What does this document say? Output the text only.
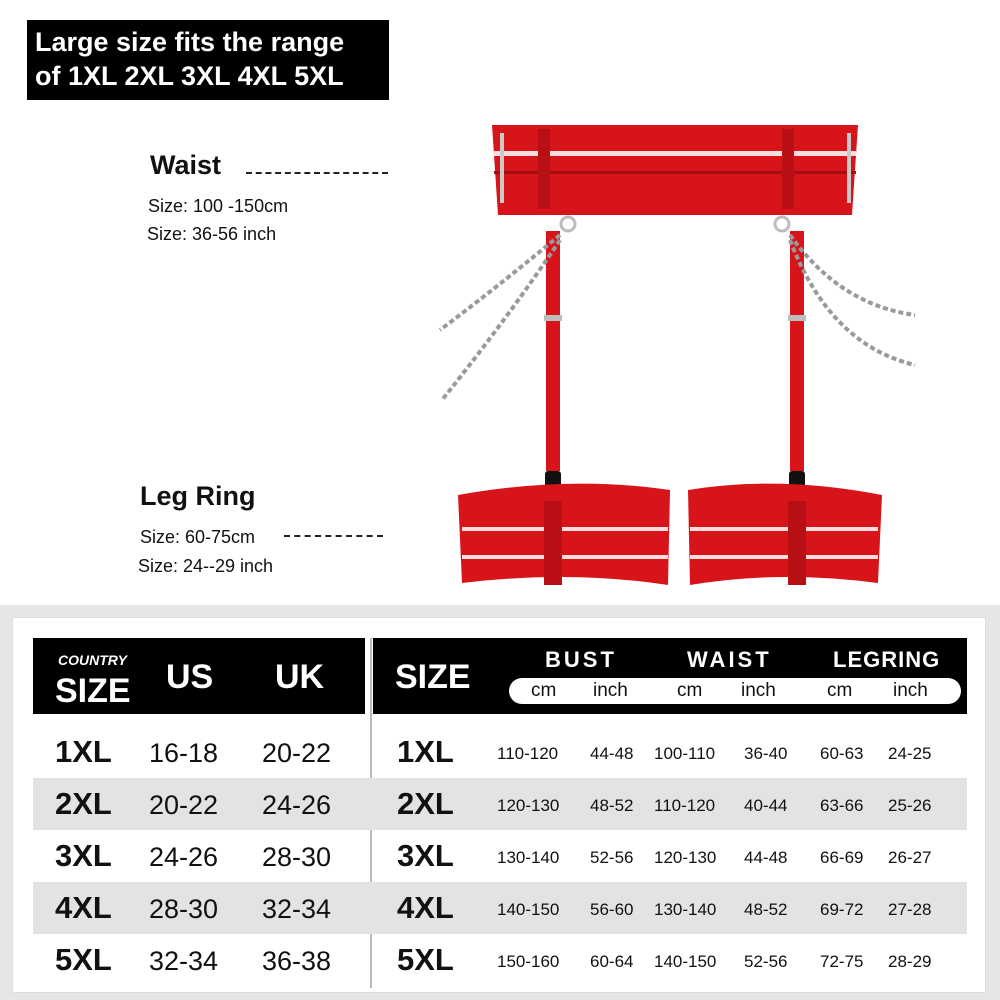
Large size fits the range
of 1XL 2XL 3XL 4XL 5XL
Waist
Size: 100 -150cm
Size: 36-56 inch
Leg Ring
Size: 60-75cm
Size: 24--29 inch
COUNTRY
SIZE US UK SIZE	BUST	WAIST	LEGRING
cm inch	cm inch	cm inch
1XL 16-18 20-22 1XL	110-120 44-48 100-110 36-40 60-63 24-25
2XL 20-22 24-26 2XL	120-130 48-52 110-120 40-44 63-66 25-26
3XL 24-26 28-30 3XL	130-140 52-56 120-130 44-48 66-69 26-27
4XL 28-30 32-34 4XL	140-150 56-60 130-140 48-52 69-72 27-28
5XL 32-34 36-38 5XL	150-160 60-64 140-150 52-56 72-75 28-29
